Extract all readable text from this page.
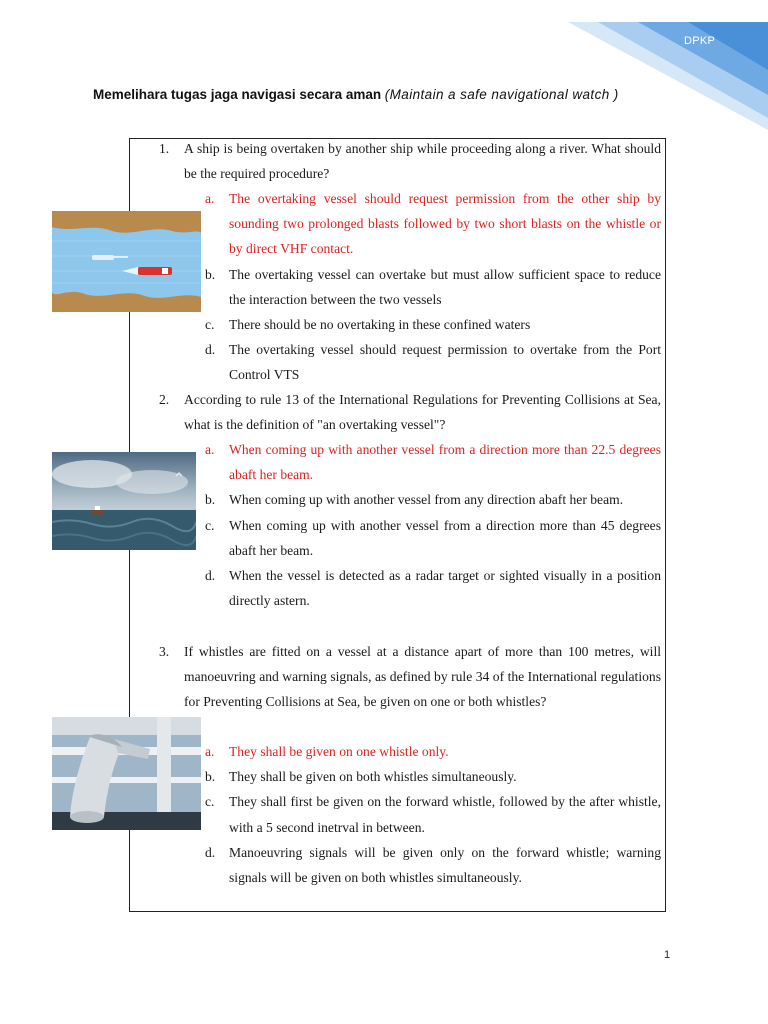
DPKP
Memelihara tugas jaga navigasi secara aman (Maintain a safe navigational watch )
1.	A ship is being overtaken by another ship while proceeding along a river. What should be the required procedure?
a.	The overtaking vessel should request permission from the other ship by sounding two prolonged blasts followed by two short blasts on the whistle or by direct VHF contact.
b.	The overtaking vessel can overtake but must allow sufficient space to reduce the interaction between the two vessels
c.	There should be no overtaking in these confined waters
d.	The overtaking vessel should request permission to overtake from the Port Control VTS
2.	According to rule 13 of the International Regulations for Preventing Collisions at Sea, what is the definition of "an overtaking vessel"?
a.	When coming up with another vessel from a direction more than 22.5 degrees abaft her beam.
b.	When coming up with another vessel from any direction abaft her beam.
c.	When coming up with another vessel from a direction more than 45 degrees abaft her beam.
d.	When the vessel is detected as a radar target or sighted visually in a position directly astern.
3.	If whistles are fitted on a vessel at a distance apart of more than 100 metres, will manoeuvring and warning signals, as defined by rule 34 of the International regulations for Preventing Collisions at Sea, be given on one or both whistles?
a.	They shall be given on one whistle only.
b.	They shall be given on both whistles simultaneously.
c.	They shall first be given on the forward whistle, followed by the after whistle, with a 5 second inetrval in between.
d.	Manoeuvring signals will be given only on the forward whistle; warning signals will be given on both whistles simultaneously.
1
